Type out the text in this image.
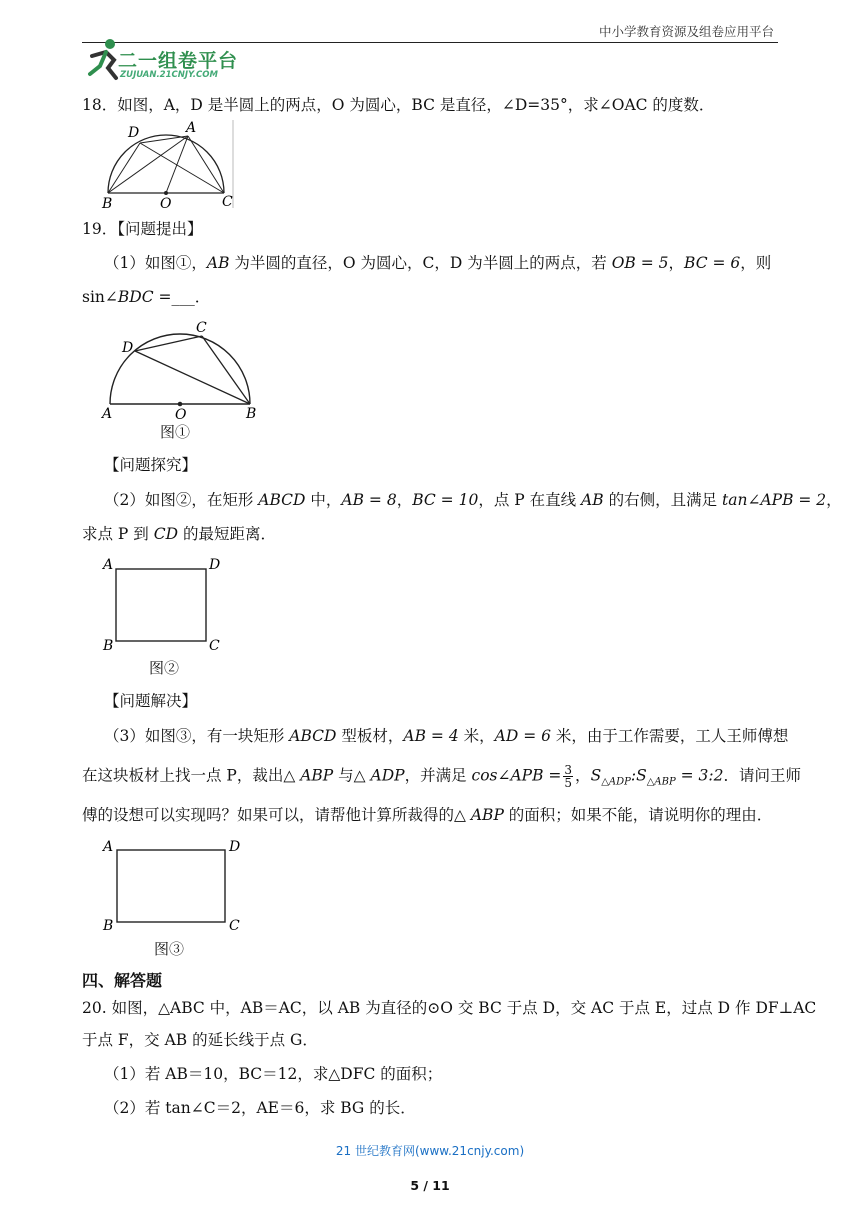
中小学教育资源及组卷应用平台
二一组卷平台
ZUJUAN.21CNJY.COM
18．如图，A，D 是半圆上的两点，O 为圆心，BC 是直径，∠D=35°，求∠OAC 的度数．
D	A
B	O	C
19．【问题提出】
（1）如图①，AB 为半圆的直径，O 为圆心，C，D 为半圆上的两点，若 OB = 5，BC = 6，则
sin∠BDC =___．
D
C
A	O	B
图①
【问题探究】
（2）如图②，在矩形 ABCD 中，AB = 8，BC = 10，点 P 在直线 AB 的右侧，且满足 tan∠APB = 2，
求点 P 到 CD 的最短距离．
A	D
B	C
图②
【问题解决】
（3）如图③，有一块矩形 ABCD 型板材，AB = 4 米，AD = 6 米，由于工作需要，工人王师傅想
在这块板材上找一点 P，裁出△ ABP 与△ ADP，并满足 cos∠APB = $\frac{3}{5}$ ，$S_{\triangle ADP}:S_{\triangle ABP}$ = 3:2．请问王师
傅的设想可以实现吗？如果可以，请帮他计算所裁得的△ ABP 的面积；如果不能，请说明你的理由．
A	D
B	C
图③
四、解答题
20. 如图，△ABC 中，AB＝AC，以 AB 为直径的⊙O 交 BC 于点 D，交 AC 于点 E，过点 D 作 DF⊥AC
于点 F，交 AB 的延长线于点 G．
（1）若 AB＝10，BC＝12，求△DFC 的面积；
（2）若 tan∠C＝2，AE＝6，求 BG 的长．
21 世纪教育网(www.21cnjy.com)
5 / 11
